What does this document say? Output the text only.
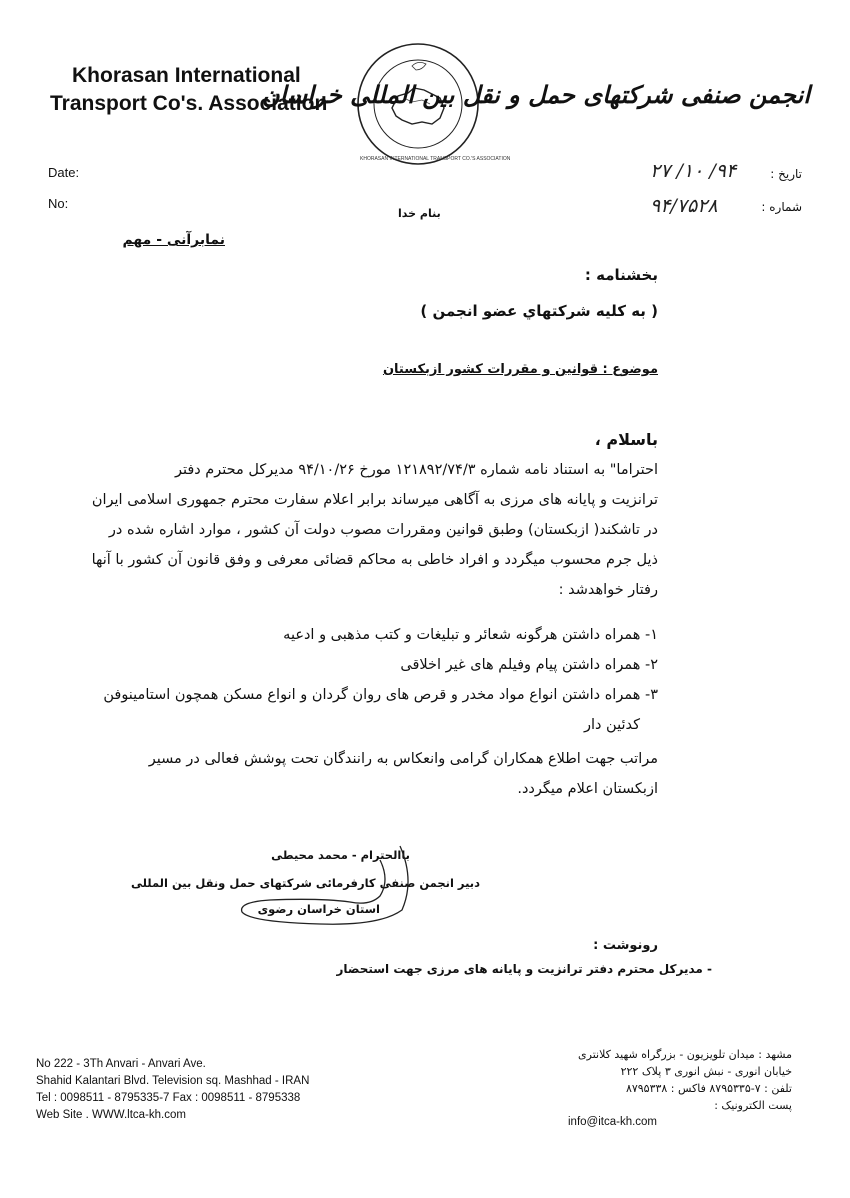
Khorasan International
Transport Co's. Association
KHORASAN INTERNATIONAL TRANSPORT CO.'S ASSOCIATION
انجمن صنفی شرکتهای حمل و نقل بین المللی خراسان
Date:
No:
تاریخ :
شماره :
۹۴/ ۱۰/ ۲۷
۹۴/۷۵۲۸
بنام خدا
نمابرآنی - مهم
بخشنامه :
( به کلیه شرکتهاي عضو انجمن )
موضوع : قوانین و مقررات کشور ازبکستان
باسلام ،
احتراما" به استناد نامه شماره ۱۲۱۸۹۲/۷۴/۳ مورخ ۹۴/۱۰/۲۶ مدیرکل محترم دفتر
ترانزیت و پایانه های مرزی به آگاهی میرساند برابر اعلام سفارت محترم جمهوری اسلامی ایران
در تاشکند( ازبکستان) وطبق قوانین ومقررات مصوب دولت آن کشور ، موارد اشاره شده در
ذیل جرم محسوب میگردد و افراد خاطی به محاکم قضائی معرفی و وفق قانون آن کشور با آنها
رفتار خواهدشد :
۱- همراه داشتن هرگونه شعائر و تبلیغات و کتب مذهبی و ادعیه
۲- همراه داشتن پیام وفیلم های غیر اخلاقی
۳- همراه داشتن انواع مواد مخدر و قرص های روان گردان و انواع مسکن همچون استامینوفن
کدئین دار
مراتب جهت اطلاع همکاران گرامی وانعکاس به رانندگان تحت پوشش فعالی در مسیر
ازبکستان اعلام میگردد.
باالحترام - محمد محیطی
دبیر انجمن صنفی کارفرمائی شرکتهای حمل ونقل بین المللی
استان خراسان رضوی
رونوشت :
- مدیرکل محترم دفتر ترانزیت و پایانه های مرزی جهت استحضار
No 222 - 3Th Anvari - Anvari Ave.
Shahid Kalantari Blvd. Television sq. Mashhad - IRAN
Tel : 0098511 - 8795335-7 Fax : 0098511 - 8795338
Web Site . WWW.ltca-kh.com
مشهد : میدان تلویزیون - بزرگراه شهید کلانتری
خیابان انوری - نبش انوری ۳ پلاک ۲۲۲
تلفن : ۷-۸۷۹۵۳۳۵ فاکس : ۸۷۹۵۳۳۸
پست الکترونیک :
info@itca-kh.com
